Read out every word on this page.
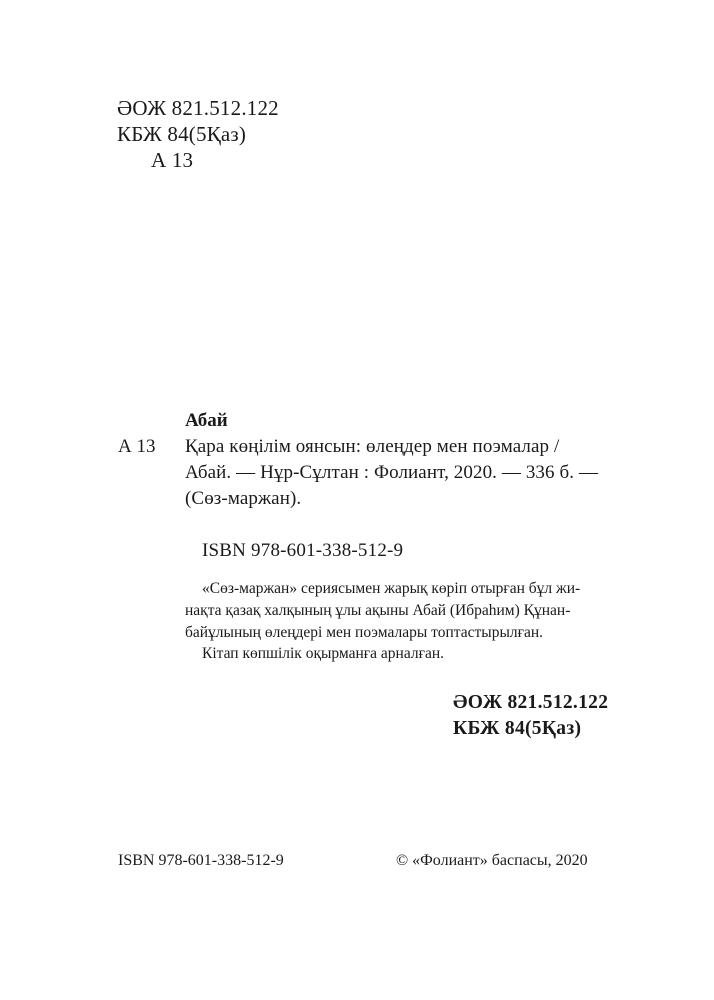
ӘОЖ 821.512.122
КБЖ 84(5Қаз)
А 13
Абай
А 13 Қара көңілім оянсын: өлеңдер мен поэмалар /
Абай. — Нұр-Сұлтан : Фолиант, 2020. — 336 б. —
(Сөз-маржан).
ISBN 978-601-338-512-9
«Сөз-маржан» сериясымен жарық көріп отырған бұл жи-
нақта қазақ халқының ұлы ақыны Абай (Ибраһим) Құнан-
байұлының өлеңдері мен поэмалары топтастырылған.
Кітап көпшілік оқырманға арналған.
ӘОЖ 821.512.122
КБЖ 84(5Қаз)
ISBN 978-601-338-512-9	© «Фолиант» баспасы, 2020
